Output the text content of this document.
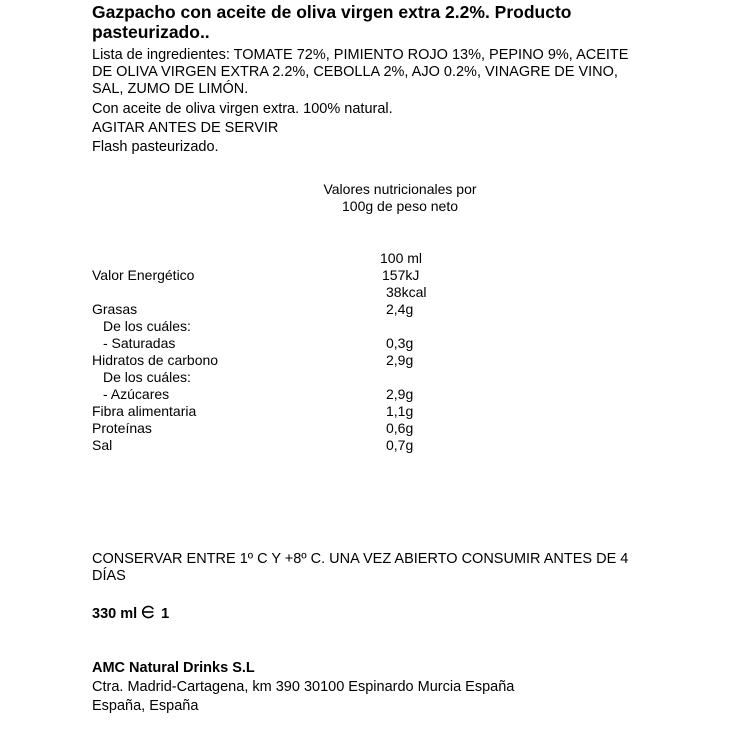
Gazpacho con aceite de oliva virgen extra 2.2%. Producto pasteurizado..
Lista de ingredientes: TOMATE 72%, PIMIENTO ROJO 13%, PEPINO 9%, ACEITE DE OLIVA VIRGEN EXTRA 2.2%, CEBOLLA 2%, AJO 0.2%, VINAGRE DE VINO, SAL, ZUMO DE LIMÓN.
Con aceite de oliva virgen extra. 100% natural.
AGITAR ANTES DE SERVIR
Flash pasteurizado.
Valores nutricionales por
100g de peso neto
100 ml
Valor Energético	157kJ
38kcal
Grasas	2,4g
De los cuáles:
- Saturadas	0,3g
Hidratos de carbono	2,9g
De los cuáles:
- Azúcares	2,9g
Fibra alimentaria	1,1g
Proteínas	0,6g
Sal	0,7g
CONSERVAR ENTRE 1º C Y +8º C. UNA VEZ ABIERTO CONSUMIR ANTES DE 4 DÍAS
330 ml 1
AMC Natural Drinks S.L
Ctra. Madrid-Cartagena, km 390 30100 Espinardo Murcia España
España, España
